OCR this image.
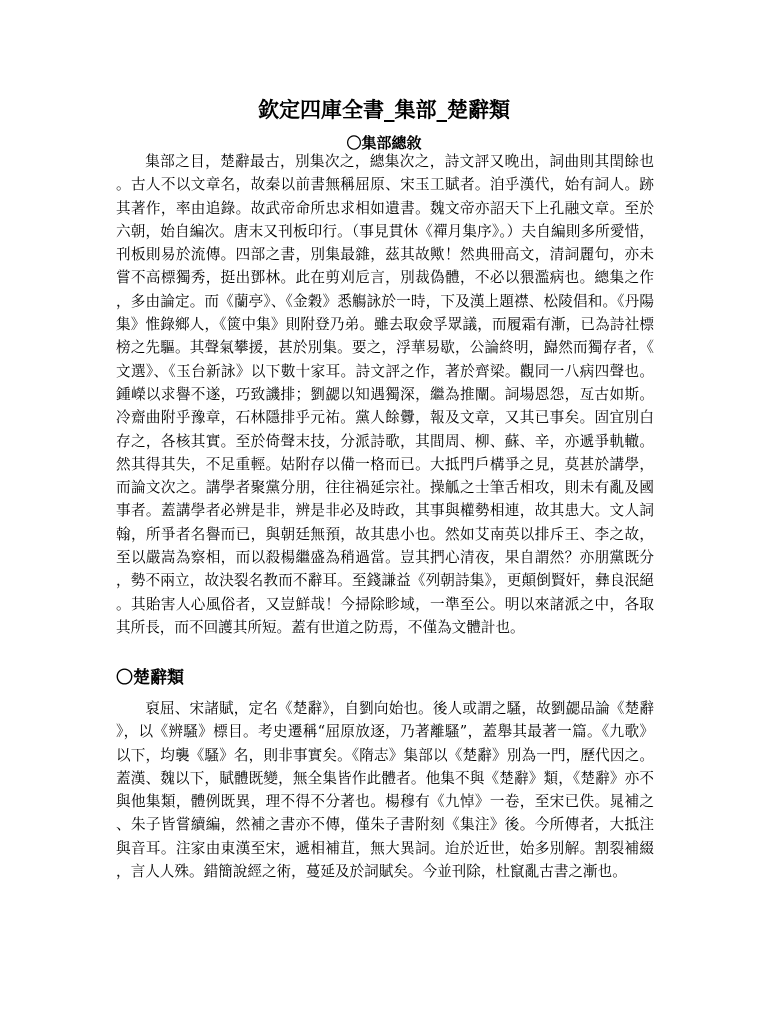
欽定四庫全書_集部_楚辭類
〇集部總敘

集部之目，楚辭最古，別集次之，總集次之，詩文評又晚出，詞曲則其閏餘也。古人不以文章名，故秦以前書無稱屈原、宋玉工賦者。洎乎漢代，始有詞人。跡其著作，率由追錄。故武帝命所忠求相如遺書。魏文帝亦詔天下上孔融文章。至於六朝，始自編次。唐末又刊板印行。（事見貫休《禪月集序》。）夫自編則多所愛惜，刊板則易於流傳。四部之書，別集最雜，茲其故歟！然典冊高文，清詞麗句，亦未嘗不高標獨秀，挺出鄧林。此在剪刈卮言，別裁偽體，不必以猥濫病也。總集之作，多由論定。而《蘭亭》、《金穀》悉觴詠於一時，下及漢上題襟、松陵倡和。《丹陽集》惟錄鄉人，《篋中集》則附登乃弟。雖去取僉孚眾議，而履霜有漸，已為詩社標榜之先驅。其聲氣攀援，甚於別集。要之，浮華易歇，公論終明，巋然而獨存者，《文選》、《玉台新詠》以下數十家耳。詩文評之作，著於齊梁。觀同一八病四聲也。鍾嶸以求譽不遂，巧致譏排；劉勰以知遇獨深，繼為推闡。詞場恩怨，亙古如斯。冷齋曲附乎豫章，石林隱排乎元祐。黨人餘釁，報及文章，又其已事矣。固宜別白存之，各核其實。至於倚聲末技，分派詩歌，其間周、柳、蘇、辛，亦遞爭軌轍。然其得其失，不足重輕。姑附存以備一格而已。大抵門戶構爭之見，莫甚於講學，而論文次之。講學者聚黨分朋，往往禍延宗社。操觚之士筆舌相攻，則未有亂及國事者。蓋講學者必辨是非，辨是非必及時政，其事與權勢相連，故其患大。文人詞翰，所爭者名譽而已，與朝廷無預，故其患小也。然如艾南英以排斥王、李之故，至以嚴嵩為察相，而以殺楊繼盛為稍過當。豈其捫心清夜，果自謂然？亦朋黨既分，勢不兩立，故決裂名教而不辭耳。至錢謙益《列朝詩集》，更顛倒賢奸，彝良泯絕。其貽害人心風俗者，又豈鮮哉！今掃除畛域，一準至公。明以來諸派之中，各取其所長，而不回護其所短。蓋有世道之防焉，不僅為文體計也。

〇楚辭類

裒屈、宋諸賦，定名《楚辭》，自劉向始也。後人或謂之騷，故劉勰品論《楚辭》，以《辨騷》標目。考史遷稱“屈原放逐，乃著離騷”，蓋舉其最著一篇。《九歌》以下，均襲《騷》名，則非事實矣。《隋志》集部以《楚辭》別為一門，歷代因之。蓋漢、魏以下，賦體既變，無全集皆作此體者。他集不與《楚辭》類，《楚辭》亦不與他集類，體例既異，理不得不分著也。楊穆有《九悼》一卷，至宋已佚。晁補之、朱子皆嘗續編，然補之書亦不傳，僅朱子書附刻《集注》後。今所傳者，大抵注與音耳。注家由東漢至宋，遞相補苴，無大異詞。迨於近世，始多別解。割裂補綴，言人人殊。錯簡說經之術，蔓延及於詞賦矣。今並刊除，杜竄亂古書之漸也。
